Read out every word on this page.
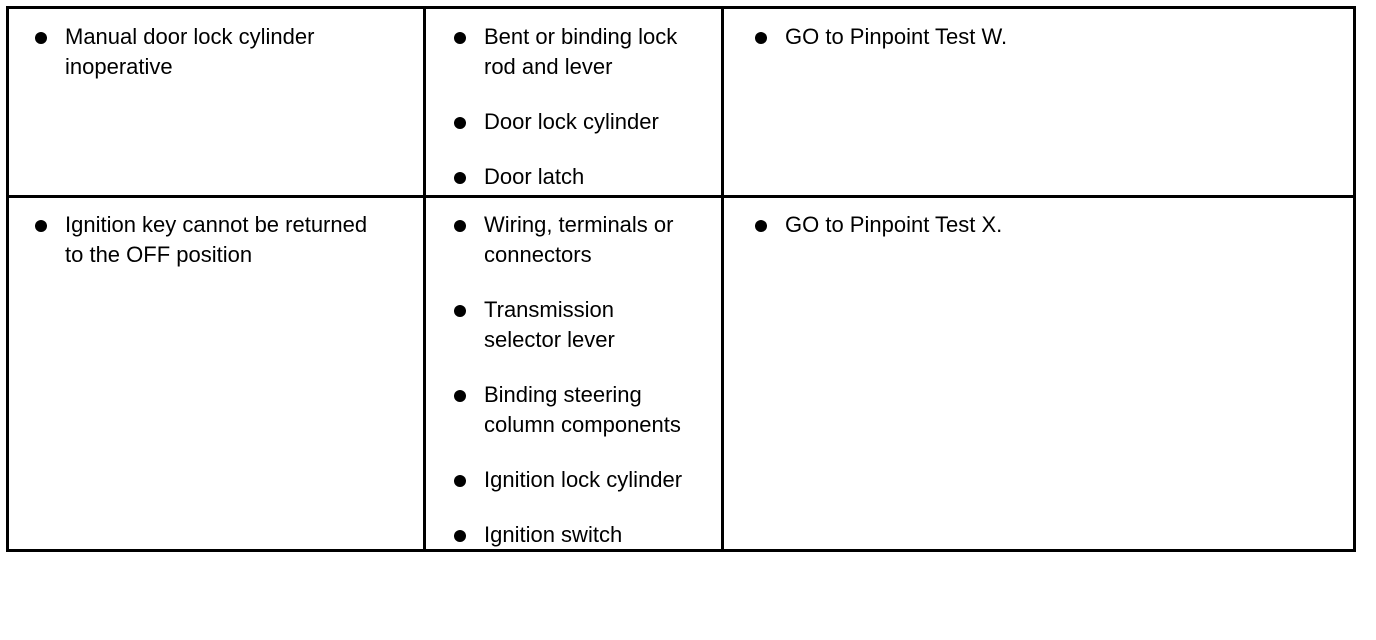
Manual door lock cylinder
inoperative

Bent or binding lock
rod and lever

Door lock cylinder

Door latch

GO to Pinpoint Test W.

Ignition key cannot be returned
to the OFF position

Wiring, terminals or
connectors

Transmission
selector lever

Binding steering
column components

Ignition lock cylinder

Ignition switch

GO to Pinpoint Test X.
